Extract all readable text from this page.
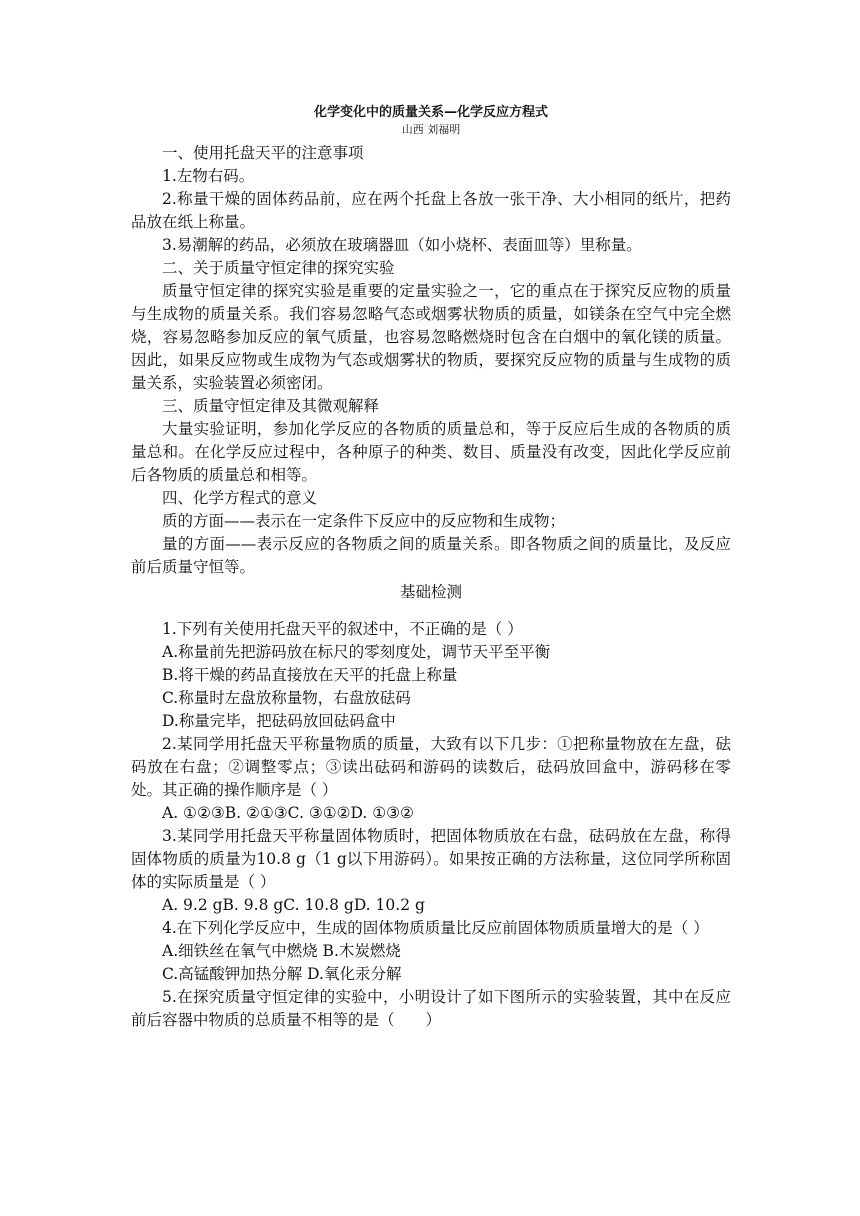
化学变化中的质量关系—化学反应方程式
山西 刘福明

一、使用托盘天平的注意事项

1.左物右码。

2.称量干燥的固体药品前，应在两个托盘上各放一张干净、大小相同的纸片，把药品放在纸上称量。

3.易潮解的药品，必须放在玻璃器皿（如小烧杯、表面皿等）里称量。

二、关于质量守恒定律的探究实验

质量守恒定律的探究实验是重要的定量实验之一，它的重点在于探究反应物的质量与生成物的质量关系。我们容易忽略气态或烟雾状物质的质量，如镁条在空气中完全燃烧，容易忽略参加反应的氧气质量，也容易忽略燃烧时包含在白烟中的氧化镁的质量。因此，如果反应物或生成物为气态或烟雾状的物质，要探究反应物的质量与生成物的质量关系，实验装置必须密闭。

三、质量守恒定律及其微观解释

大量实验证明，参加化学反应的各物质的质量总和，等于反应后生成的各物质的质量总和。在化学反应过程中，各种原子的种类、数目、质量没有改变，因此化学反应前后各物质的质量总和相等。

四、化学方程式的意义

质的方面——表示在一定条件下反应中的反应物和生成物；

量的方面——表示反应的各物质之间的质量关系。即各物质之间的质量比，及反应前后质量守恒等。

基础检测

1.下列有关使用托盘天平的叙述中，不正确的是（ ）

A.称量前先把游码放在标尺的零刻度处，调节天平至平衡

B.将干燥的药品直接放在天平的托盘上称量

C.称量时左盘放称量物，右盘放砝码

D.称量完毕，把砝码放回砝码盒中

2.某同学用托盘天平称量物质的质量，大致有以下几步：①把称量物放在左盘，砝码放在右盘；②调整零点；③读出砝码和游码的读数后，砝码放回盒中，游码移在零处。其正确的操作顺序是（ ）

A. ①②③B. ②①③C. ③①②D. ①③②

3.某同学用托盘天平称量固体物质时，把固体物质放在右盘，砝码放在左盘，称得固体物质的质量为10.8 g（1 g以下用游码）。如果按正确的方法称量，这位同学所称固体的实际质量是（ ）

A. 9.2 gB. 9.8 gC. 10.8 gD. 10.2 g

4.在下列化学反应中，生成的固体物质质量比反应前固体物质质量增大的是（ ）

A.细铁丝在氧气中燃烧 B.木炭燃烧

C.高锰酸钾加热分解 D.氧化汞分解

5.在探究质量守恒定律的实验中，小明设计了如下图所示的实验装置，其中在反应前后容器中物质的总质量不相等的是（　　）
